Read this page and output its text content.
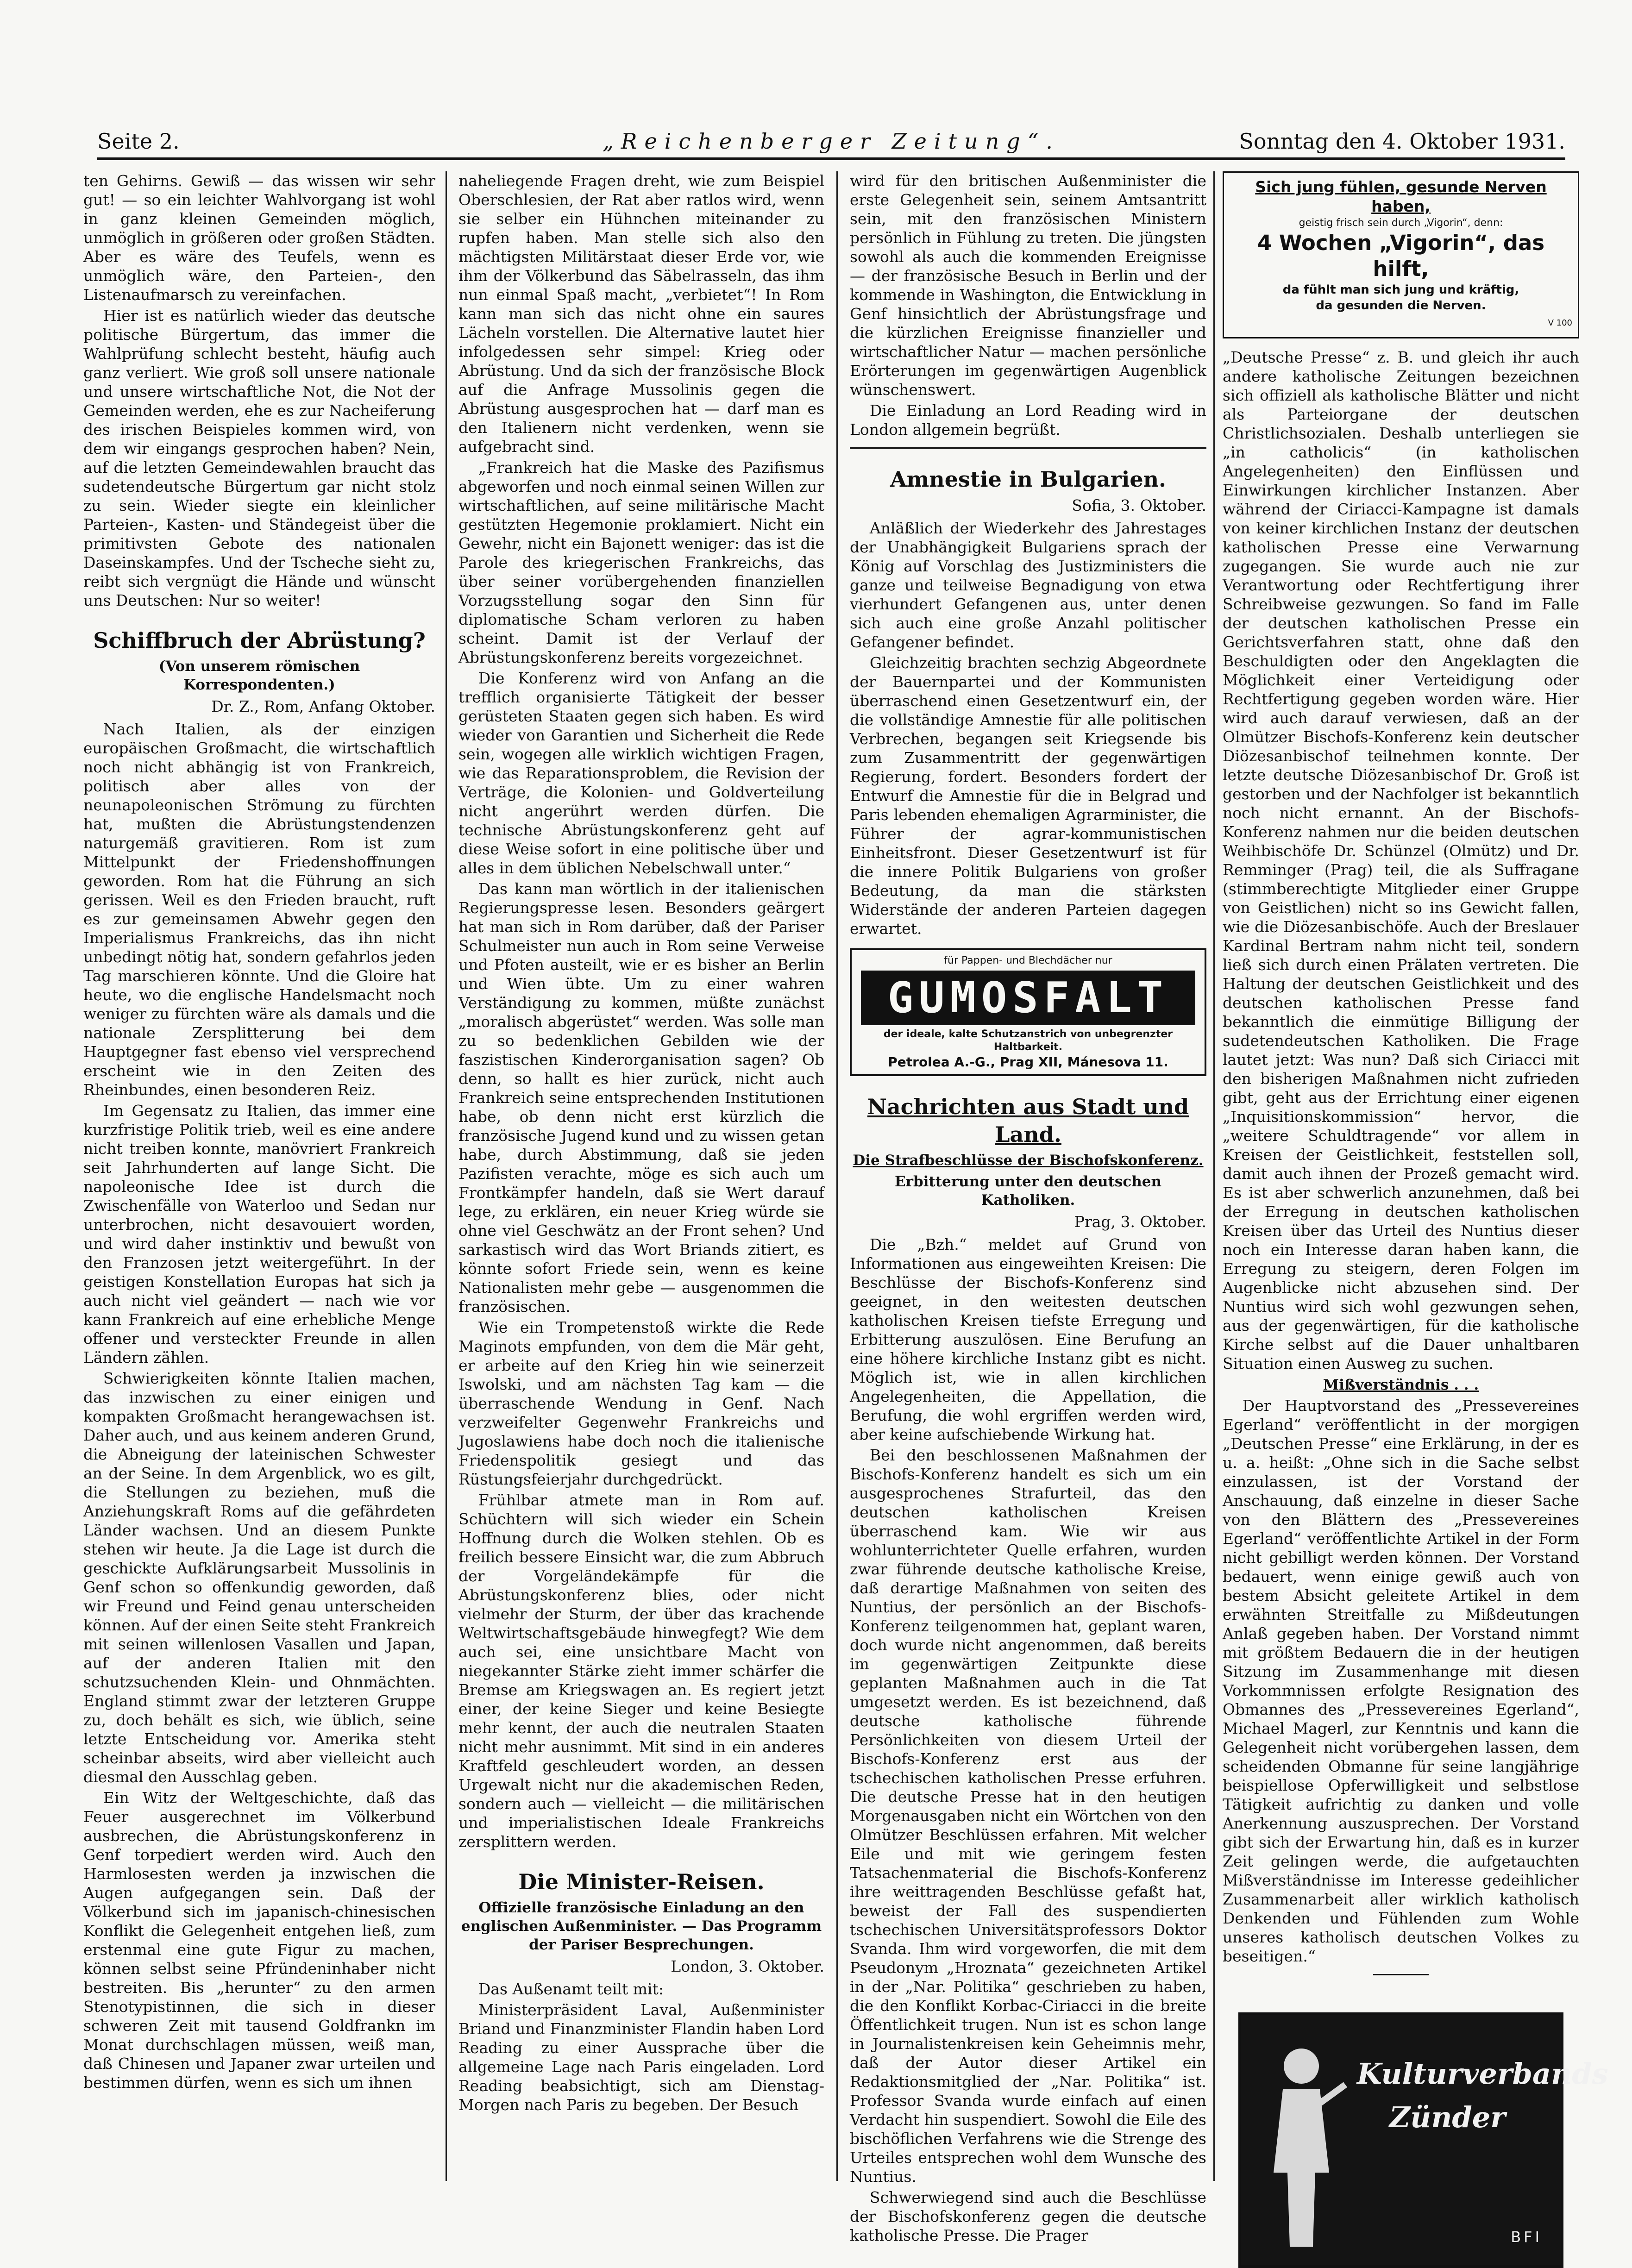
Seite 2.	„Reichenberger Zeitung“.	Sonntag den 4. Oktober 1931.

ten Gehirns. Gewiß — das wissen wir sehr gut! — so ein leichter Wahlvorgang ist wohl in ganz kleinen Gemeinden möglich, unmöglich in größeren oder großen Städten. Aber es wäre des Teufels, wenn es unmöglich wäre, den Parteien-, den Listenaufmarsch zu vereinfachen.

Hier ist es natürlich wieder das deutsche politische Bürgertum, das immer die Wahlprüfung schlecht besteht, häufig auch ganz verliert. Wie groß soll unsere nationale und unsere wirtschaftliche Not, die Not der Gemeinden werden, ehe es zur Nacheiferung des irischen Beispieles kommen wird, von dem wir eingangs gesprochen haben? Nein, auf die letzten Gemeindewahlen braucht das sudetendeutsche Bürgertum gar nicht stolz zu sein. Wieder siegte ein kleinlicher Parteien-, Kasten- und Ständegeist über die primitivsten Gebote des nationalen Daseinskampfes. Und der Tscheche sieht zu, reibt sich vergnügt die Hände und wünscht uns Deutschen: Nur so weiter!

Schiffbruch der Abrüstung?
(Von unserem römischen Korrespondenten.)
Dr. Z., Rom, Anfang Oktober.

Nach Italien, als der einzigen europäischen Großmacht, die wirtschaftlich noch nicht abhängig ist von Frankreich, politisch aber alles von der neunapoleonischen Strömung zu fürchten hat, mußten die Abrüstungstendenzen naturgemäß gravitieren. Rom ist zum Mittelpunkt der Friedenshoffnungen geworden. Rom hat die Führung an sich gerissen. Weil es den Frieden braucht, ruft es zur gemeinsamen Abwehr gegen den Imperialismus Frankreichs, das ihn nicht unbedingt nötig hat, sondern gefahrlos jeden Tag marschieren könnte. Und die Gloire hat heute, wo die englische Handelsmacht noch weniger zu fürchten wäre als damals und die nationale Zersplitterung bei dem Hauptgegner fast ebenso viel versprechend erscheint wie in den Zeiten des Rheinbundes, einen besonderen Reiz.

Im Gegensatz zu Italien, das immer eine kurzfristige Politik trieb, weil es eine andere nicht treiben konnte, manövriert Frankreich seit Jahrhunderten auf lange Sicht. Die napoleonische Idee ist durch die Zwischenfälle von Waterloo und Sedan nur unterbrochen, nicht desavouiert worden, und wird daher instinktiv und bewußt von den Franzosen jetzt weitergeführt. In der geistigen Konstellation Europas hat sich ja auch nicht viel geändert — nach wie vor kann Frankreich auf eine erhebliche Menge offener und versteckter Freunde in allen Ländern zählen.

Schwierigkeiten könnte Italien machen, das inzwischen zu einer einigen und kompakten Großmacht herangewachsen ist. Daher auch, und aus keinem anderen Grund, die Abneigung der lateinischen Schwester an der Seine. In dem Argenblick, wo es gilt, die Stellungen zu beziehen, muß die Anziehungskraft Roms auf die gefährdeten Länder wachsen. Und an diesem Punkte stehen wir heute. Ja die Lage ist durch die geschickte Aufklärungsarbeit Mussolinis in Genf schon so offenkundig geworden, daß wir Freund und Feind genau unterscheiden können. Auf der einen Seite steht Frankreich mit seinen willenlosen Vasallen und Japan, auf der anderen Italien mit den schutzsuchenden Klein- und Ohnmächten. England stimmt zwar der letzteren Gruppe zu, doch behält es sich, wie üblich, seine letzte Entscheidung vor. Amerika steht scheinbar abseits, wird aber vielleicht auch diesmal den Ausschlag geben.

Ein Witz der Weltgeschichte, daß das Feuer ausgerechnet im Völkerbund ausbrechen, die Abrüstungskonferenz in Genf torpediert werden wird. Auch den Harmlosesten werden ja inzwischen die Augen aufgegangen sein. Daß der Völkerbund sich im japanisch-chinesischen Konflikt die Gelegenheit entgehen ließ, zum erstenmal eine gute Figur zu machen, können selbst seine Pfründeninhaber nicht bestreiten. Bis „herunter“ zu den armen Stenotypistinnen, die sich in dieser schweren Zeit mit tausend Goldfrankn im Monat durchschlagen müssen, weiß man, daß Chinesen und Japaner zwar urteilen und bestimmen dürfen, wenn es sich um ihnen

naheliegende Fragen dreht, wie zum Beispiel Oberschlesien, der Rat aber ratlos wird, wenn sie selber ein Hühnchen miteinander zu rupfen haben. Man stelle sich also den mächtigsten Militärstaat dieser Erde vor, wie ihm der Völkerbund das Säbelrasseln, das ihm nun einmal Spaß macht, „verbietet“! In Rom kann man sich das nicht ohne ein saures Lächeln vorstellen. Die Alternative lautet hier infolgedessen sehr simpel: Krieg oder Abrüstung. Und da sich der französische Block auf die Anfrage Mussolinis gegen die Abrüstung ausgesprochen hat — darf man es den Italienern nicht verdenken, wenn sie aufgebracht sind.

„Frankreich hat die Maske des Pazifismus abgeworfen und noch einmal seinen Willen zur wirtschaftlichen, auf seine militärische Macht gestützten Hegemonie proklamiert. Nicht ein Gewehr, nicht ein Bajonett weniger: das ist die Parole des kriegerischen Frankreichs, das über seiner vorübergehenden finanziellen Vorzugsstellung sogar den Sinn für diplomatische Scham verloren zu haben scheint. Damit ist der Verlauf der Abrüstungskonferenz bereits vorgezeichnet.

Die Konferenz wird von Anfang an die trefflich organisierte Tätigkeit der besser gerüsteten Staaten gegen sich haben. Es wird wieder von Garantien und Sicherheit die Rede sein, wogegen alle wirklich wichtigen Fragen, wie das Reparationsproblem, die Revision der Verträge, die Kolonien- und Goldverteilung nicht angerührt werden dürfen. Die technische Abrüstungskonferenz geht auf diese Weise sofort in eine politische über und alles in dem üblichen Nebelschwall unter.“

Das kann man wörtlich in der italienischen Regierungspresse lesen. Besonders geärgert hat man sich in Rom darüber, daß der Pariser Schulmeister nun auch in Rom seine Verweise und Pfoten austeilt, wie er es bisher an Berlin und Wien übte. Um zu einer wahren Verständigung zu kommen, müßte zunächst „moralisch abgerüstet“ werden. Was solle man zu so bedenklichen Gebilden wie der faszistischen Kinderorganisation sagen? Ob denn, so hallt es hier zurück, nicht auch Frankreich seine entsprechenden Institutionen habe, ob denn nicht erst kürzlich die französische Jugend kund und zu wissen getan habe, durch Abstimmung, daß sie jeden Pazifisten verachte, möge es sich auch um Frontkämpfer handeln, daß sie Wert darauf lege, zu erklären, ein neuer Krieg würde sie ohne viel Geschwätz an der Front sehen? Und sarkastisch wird das Wort Briands zitiert, es könnte sofort Friede sein, wenn es keine Nationalisten mehr gebe — ausgenommen die französischen.

Wie ein Trompetenstoß wirkte die Rede Maginots empfunden, von dem die Mär geht, er arbeite auf den Krieg hin wie seinerzeit Iswolski, und am nächsten Tag kam — die überraschende Wendung in Genf. Nach verzweifelter Gegenwehr Frankreichs und Jugoslawiens habe doch noch die italienische Friedenspolitik gesiegt und das Rüstungsfeierjahr durchgedrückt.

Frühlbar atmete man in Rom auf. Schüchtern will sich wieder ein Schein Hoffnung durch die Wolken stehlen. Ob es freilich bessere Einsicht war, die zum Abbruch der Vorgeländekämpfe für die Abrüstungskonferenz blies, oder nicht vielmehr der Sturm, der über das krachende Weltwirtschaftsgebäude hinwegfegt? Wie dem auch sei, eine unsichtbare Macht von niegekannter Stärke zieht immer schärfer die Bremse am Kriegswagen an. Es regiert jetzt einer, der keine Sieger und keine Besiegte mehr kennt, der auch die neutralen Staaten nicht mehr ausnimmt. Mit sind in ein anderes Kraftfeld geschleudert worden, an dessen Urgewalt nicht nur die akademischen Reden, sondern auch — vielleicht — die militärischen und imperialistischen Ideale Frankreichs zersplittern werden.

Die Minister-Reisen.
Offizielle französische Einladung an den englischen Außenminister. — Das Programm der Pariser Besprechungen.
London, 3. Oktober.

Das Außenamt teilt mit:

Ministerpräsident Laval, Außenminister Briand und Finanzminister Flandin haben Lord Reading zu einer Aussprache über die allgemeine Lage nach Paris eingeladen. Lord Reading beabsichtigt, sich am Dienstag-Morgen nach Paris zu begeben. Der Besuch

wird für den britischen Außenminister die erste Gelegenheit sein, seinem Amtsantritt sein, mit den französischen Ministern persönlich in Fühlung zu treten. Die jüngsten sowohl als auch die kommenden Ereignisse — der französische Besuch in Berlin und der kommende in Washington, die Entwicklung in Genf hinsichtlich der Abrüstungsfrage und die kürzlichen Ereignisse finanzieller und wirtschaftlicher Natur — machen persönliche Erörterungen im gegenwärtigen Augenblick wünschenswert.

Die Einladung an Lord Reading wird in London allgemein begrüßt.

Amnestie in Bulgarien.
Sofia, 3. Oktober.

Anläßlich der Wiederkehr des Jahrestages der Unabhängigkeit Bulgariens sprach der König auf Vorschlag des Justizministers die ganze und teilweise Begnadigung von etwa vierhundert Gefangenen aus, unter denen sich auch eine große Anzahl politischer Gefangener befindet.

Gleichzeitig brachten sechzig Abgeordnete der Bauernpartei und der Kommunisten überraschend einen Gesetzentwurf ein, der die vollständige Amnestie für alle politischen Verbrechen, begangen seit Kriegsende bis zum Zusammentritt der gegenwärtigen Regierung, fordert. Besonders fordert der Entwurf die Amnestie für die in Belgrad und Paris lebenden ehemaligen Agrarminister, die Führer der agrar-kommunistischen Einheitsfront. Dieser Gesetzentwurf ist für die innere Politik Bulgariens von großer Bedeutung, da man die stärksten Widerstände der anderen Parteien dagegen erwartet.

für Pappen- und Blechdächer nur
GUMOSFALT
der ideale, kalte Schutzanstrich von unbegrenzter Haltbarkeit.
Petrolea A.-G., Prag XII, Mánesova 11.
Nachrichten aus Stadt und Land.
Die Strafbeschlüsse der Bischofskonferenz.
Erbitterung unter den deutschen Katholiken.
Prag, 3. Oktober.

Die „Bzh.“ meldet auf Grund von Informationen aus eingeweihten Kreisen: Die Beschlüsse der Bischofs-Konferenz sind geeignet, in den weitesten deutschen katholischen Kreisen tiefste Erregung und Erbitterung auszulösen. Eine Berufung an eine höhere kirchliche Instanz gibt es nicht. Möglich ist, wie in allen kirchlichen Angelegenheiten, die Appellation, die Berufung, die wohl ergriffen werden wird, aber keine aufschiebende Wirkung hat.

Bei den beschlossenen Maßnahmen der Bischofs-Konferenz handelt es sich um ein ausgesprochenes Strafurteil, das den deutschen katholischen Kreisen überraschend kam. Wie wir aus wohlunterrichteter Quelle erfahren, wurden zwar führende deutsche katholische Kreise, daß derartige Maßnahmen von seiten des Nuntius, der persönlich an der Bischofs-Konferenz teilgenommen hat, geplant waren, doch wurde nicht angenommen, daß bereits im gegenwärtigen Zeitpunkte diese geplanten Maßnahmen auch in die Tat umgesetzt werden. Es ist bezeichnend, daß deutsche katholische führende Persönlichkeiten von diesem Urteil der Bischofs-Konferenz erst aus der tschechischen katholischen Presse erfuhren. Die deutsche Presse hat in den heutigen Morgenausgaben nicht ein Wörtchen von den Olmützer Beschlüssen erfahren. Mit welcher Eile und mit wie geringem festen Tatsachenmaterial die Bischofs-Konferenz ihre weittragenden Beschlüsse gefaßt hat, beweist der Fall des suspendierten tschechischen Universitätsprofessors Doktor Svanda. Ihm wird vorgeworfen, die mit dem Pseudonym „Hroznata“ gezeichneten Artikel in der „Nar. Politika“ geschrieben zu haben, die den Konflikt Korbac-Ciriacci in die breite Öffentlichkeit trugen. Nun ist es schon lange in Journalistenkreisen kein Geheimnis mehr, daß der Autor dieser Artikel ein Redaktionsmitglied der „Nar. Politika“ ist. Professor Svanda wurde einfach auf einen Verdacht hin suspendiert. Sowohl die Eile des bischöflichen Verfahrens wie die Strenge des Urteiles entsprechen wohl dem Wunsche des Nuntius.

Schwerwiegend sind auch die Beschlüsse der Bischofskonferenz gegen die deutsche katholische Presse. Die Prager

Sich jung fühlen, gesunde Nerven haben,
geistig frisch sein durch „Vigorin“, denn:
4 Wochen „Vigorin“, das hilft,
da fühlt man sich jung und kräftig,
da gesunden die Nerven.
V 100

„Deutsche Presse“ z. B. und gleich ihr auch andere katholische Zeitungen bezeichnen sich offiziell als katholische Blätter und nicht als Parteiorgane der deutschen Christlichsozialen. Deshalb unterliegen sie „in catholicis“ (in katholischen Angelegenheiten) den Einflüssen und Einwirkungen kirchlicher Instanzen. Aber während der Ciriacci-Kampagne ist damals von keiner kirchlichen Instanz der deutschen katholischen Presse eine Verwarnung zugegangen. Sie wurde auch nie zur Verantwortung oder Rechtfertigung ihrer Schreibweise gezwungen. So fand im Falle der deutschen katholischen Presse ein Gerichtsverfahren statt, ohne daß den Beschuldigten oder den Angeklagten die Möglichkeit einer Verteidigung oder Rechtfertigung gegeben worden wäre. Hier wird auch darauf verwiesen, daß an der Olmützer Bischofs-Konferenz kein deutscher Diözesanbischof teilnehmen konnte. Der letzte deutsche Diözesanbischof Dr. Groß ist gestorben und der Nachfolger ist bekanntlich noch nicht ernannt. An der Bischofs-Konferenz nahmen nur die beiden deutschen Weihbischöfe Dr. Schünzel (Olmütz) und Dr. Remminger (Prag) teil, die als Suffragane (stimmberechtigte Mitglieder einer Gruppe von Geistlichen) nicht so ins Gewicht fallen, wie die Diözesanbischöfe. Auch der Breslauer Kardinal Bertram nahm nicht teil, sondern ließ sich durch einen Prälaten vertreten. Die Haltung der deutschen Geistlichkeit und des deutschen katholischen Presse fand bekanntlich die einmütige Billigung der sudetendeutschen Katholiken. Die Frage lautet jetzt: Was nun? Daß sich Ciriacci mit den bisherigen Maßnahmen nicht zufrieden gibt, geht aus der Errichtung einer eigenen „Inquisitionskommission“ hervor, die „weitere Schuldtragende“ vor allem in Kreisen der Geistlichkeit, feststellen soll, damit auch ihnen der Prozeß gemacht wird. Es ist aber schwerlich anzunehmen, daß bei der Erregung in deutschen katholischen Kreisen über das Urteil des Nuntius dieser noch ein Interesse daran haben kann, die Erregung zu steigern, deren Folgen im Augenblicke nicht abzusehen sind. Der Nuntius wird sich wohl gezwungen sehen, aus der gegenwärtigen, für die katholische Kirche selbst auf die Dauer unhaltbaren Situation einen Ausweg zu suchen.

Mißverständnis . . .

Der Hauptvorstand des „Pressevereines Egerland“ veröffentlicht in der morgigen „Deutschen Presse“ eine Erklärung, in der es u. a. heißt: „Ohne sich in die Sache selbst einzulassen, ist der Vorstand der Anschauung, daß einzelne in dieser Sache von den Blättern des „Pressevereines Egerland“ veröffentlichte Artikel in der Form nicht gebilligt werden können. Der Vorstand bedauert, wenn einige gewiß auch von bestem Absicht geleitete Artikel in dem erwähnten Streitfalle zu Mißdeutungen Anlaß gegeben haben. Der Vorstand nimmt mit größtem Bedauern die in der heutigen Sitzung im Zusammenhange mit diesen Vorkommnissen erfolgte Resignation des Obmannes des „Pressevereines Egerland“, Michael Magerl, zur Kenntnis und kann die Gelegenheit nicht vorübergehen lassen, dem scheidenden Obmanne für seine langjährige beispiellose Opferwilligkeit und selbstlose Tätigkeit aufrichtig zu danken und volle Anerkennung auszusprechen. Der Vorstand gibt sich der Erwartung hin, daß es in kurzer Zeit gelingen werde, die aufgetauchten Mißverständnisse im Interesse gedeihlicher Zusammenarbeit aller wirklich katholisch Denkenden und Fühlenden zum Wohle unseres katholisch deutschen Volkes zu beseitigen.“

Kulturverbands
Zünder
BFI
